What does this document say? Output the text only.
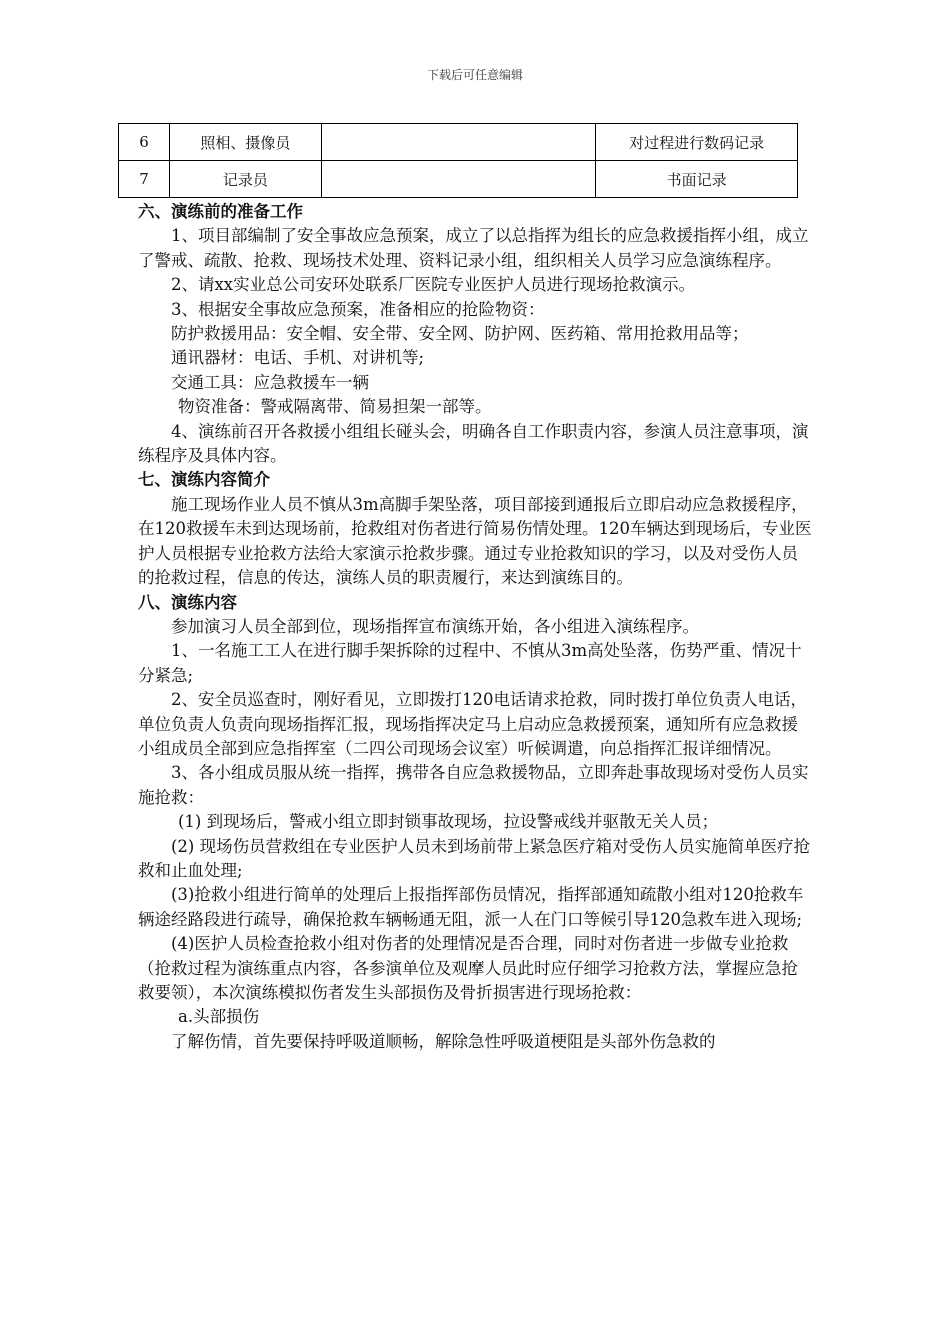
下载后可任意编辑
6	照相、摄像员		对过程进行数码记录
7	记录员		书面记录

六、演练前的准备工作

1、项目部编制了安全事故应急预案，成立了以总指挥为组长的应急救援指挥小组，成立了警戒、疏散、抢救、现场技术处理、资料记录小组，组织相关人员学习应急演练程序。

2、请xx实业总公司安环处联系厂医院专业医护人员进行现场抢救演示。

3、根据安全事故应急预案，准备相应的抢险物资：

防护救援用品：安全帽、安全带、安全网、防护网、医药箱、常用抢救用品等；

通讯器材：电话、手机、对讲机等;

交通工具：应急救援车一辆

物资准备：警戒隔离带、简易担架一部等。

4、演练前召开各救援小组组长碰头会，明确各自工作职责内容，参演人员注意事项，演练程序及具体内容。

七、演练内容简介

施工现场作业人员不慎从3m高脚手架坠落，项目部接到通报后立即启动应急救援程序，在120救援车未到达现场前，抢救组对伤者进行简易伤情处理。120车辆达到现场后，专业医护人员根据专业抢救方法给大家演示抢救步骤。通过专业抢救知识的学习，以及对受伤人员的抢救过程，信息的传达，演练人员的职责履行，来达到演练目的。

八、演练内容

参加演习人员全部到位，现场指挥宣布演练开始，各小组进入演练程序。

1、一名施工工人在进行脚手架拆除的过程中、不慎从3m高处坠落，伤势严重、情况十分紧急;

2、安全员巡查时，刚好看见，立即拨打120电话请求抢救，同时拨打单位负责人电话，单位负责人负责向现场指挥汇报，现场指挥决定马上启动应急救援预案，通知所有应急救援小组成员全部到应急指挥室（二四公司现场会议室）听候调遣，向总指挥汇报详细情况。

3、各小组成员服从统一指挥，携带各自应急救援物品，立即奔赴事故现场对受伤人员实施抢救：

(1) 到现场后，警戒小组立即封锁事故现场，拉设警戒线并驱散无关人员；

(2) 现场伤员营救组在专业医护人员未到场前带上紧急医疗箱对受伤人员实施简单医疗抢救和止血处理;

(3)抢救小组进行简单的处理后上报指挥部伤员情况，指挥部通知疏散小组对120抢救车辆途经路段进行疏导，确保抢救车辆畅通无阻，派一人在门口等候引导120急救车进入现场;

(4)医护人员检查抢救小组对伤者的处理情况是否合理，同时对伤者进一步做专业抢救（抢救过程为演练重点内容，各参演单位及观摩人员此时应仔细学习抢救方法，掌握应急抢救要领），本次演练模拟伤者发生头部损伤及骨折损害进行现场抢救：

a.头部损伤

了解伤情，首先要保持呼吸道顺畅，解除急性呼吸道梗阻是头部外伤急救的
